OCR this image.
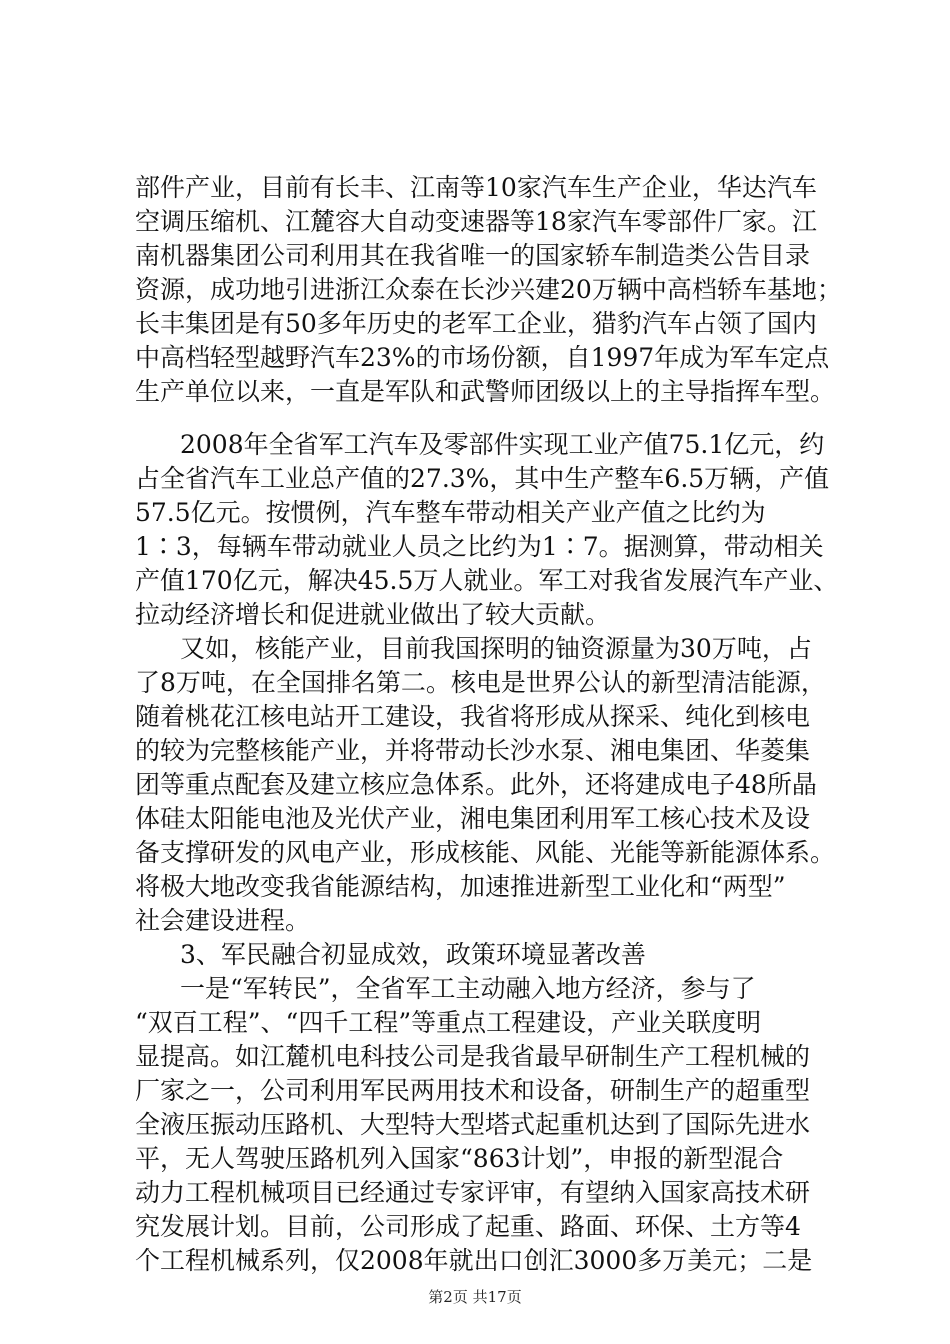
部件产业，目前有长丰、江南等10家汽车生产企业，华达汽车
空调压缩机、江麓容大自动变速器等18家汽车零部件厂家。江
南机器集团公司利用其在我省唯一的国家轿车制造类公告目录
资源，成功地引进浙江众泰在长沙兴建20万辆中高档轿车基地；
长丰集团是有50多年历史的老军工企业，猎豹汽车占领了国内
中高档轻型越野汽车23%的市场份额，自1997年成为军车定点
生产单位以来，一直是军队和武警师团级以上的主导指挥车型。
2008年全省军工汽车及零部件实现工业产值75.1亿元，约
占全省汽车工业总产值的27.3%，其中生产整车6.5万辆，产值
57.5亿元。按惯例，汽车整车带动相关产业产值之比约为
1∶3，每辆车带动就业人员之比约为1∶7。据测算，带动相关
产值170亿元，解决45.5万人就业。军工对我省发展汽车产业、
拉动经济增长和促进就业做出了较大贡献。
又如，核能产业，目前我国探明的铀资源量为30万吨，占
了8万吨，在全国排名第二。核电是世界公认的新型清洁能源，
随着桃花江核电站开工建设，我省将形成从探采、纯化到核电
的较为完整核能产业，并将带动长沙水泵、湘电集团、华菱集
团等重点配套及建立核应急体系。此外，还将建成电子48所晶
体硅太阳能电池及光伏产业，湘电集团利用军工核心技术及设
备支撑研发的风电产业，形成核能、风能、光能等新能源体系。
将极大地改变我省能源结构，加速推进新型工业化和“两型”
社会建设进程。
3、军民融合初显成效，政策环境显著改善
一是“军转民”，全省军工主动融入地方经济，参与了
“双百工程”、“四千工程”等重点工程建设，产业关联度明
显提高。如江麓机电科技公司是我省最早研制生产工程机械的
厂家之一，公司利用军民两用技术和设备，研制生产的超重型
全液压振动压路机、大型特大型塔式起重机达到了国际先进水
平，无人驾驶压路机列入国家“863计划”，申报的新型混合
动力工程机械项目已经通过专家评审，有望纳入国家高技术研
究发展计划。目前，公司形成了起重、路面、环保、土方等4
个工程机械系列，仅2008年就出口创汇3000多万美元；二是
第2页 共17页
